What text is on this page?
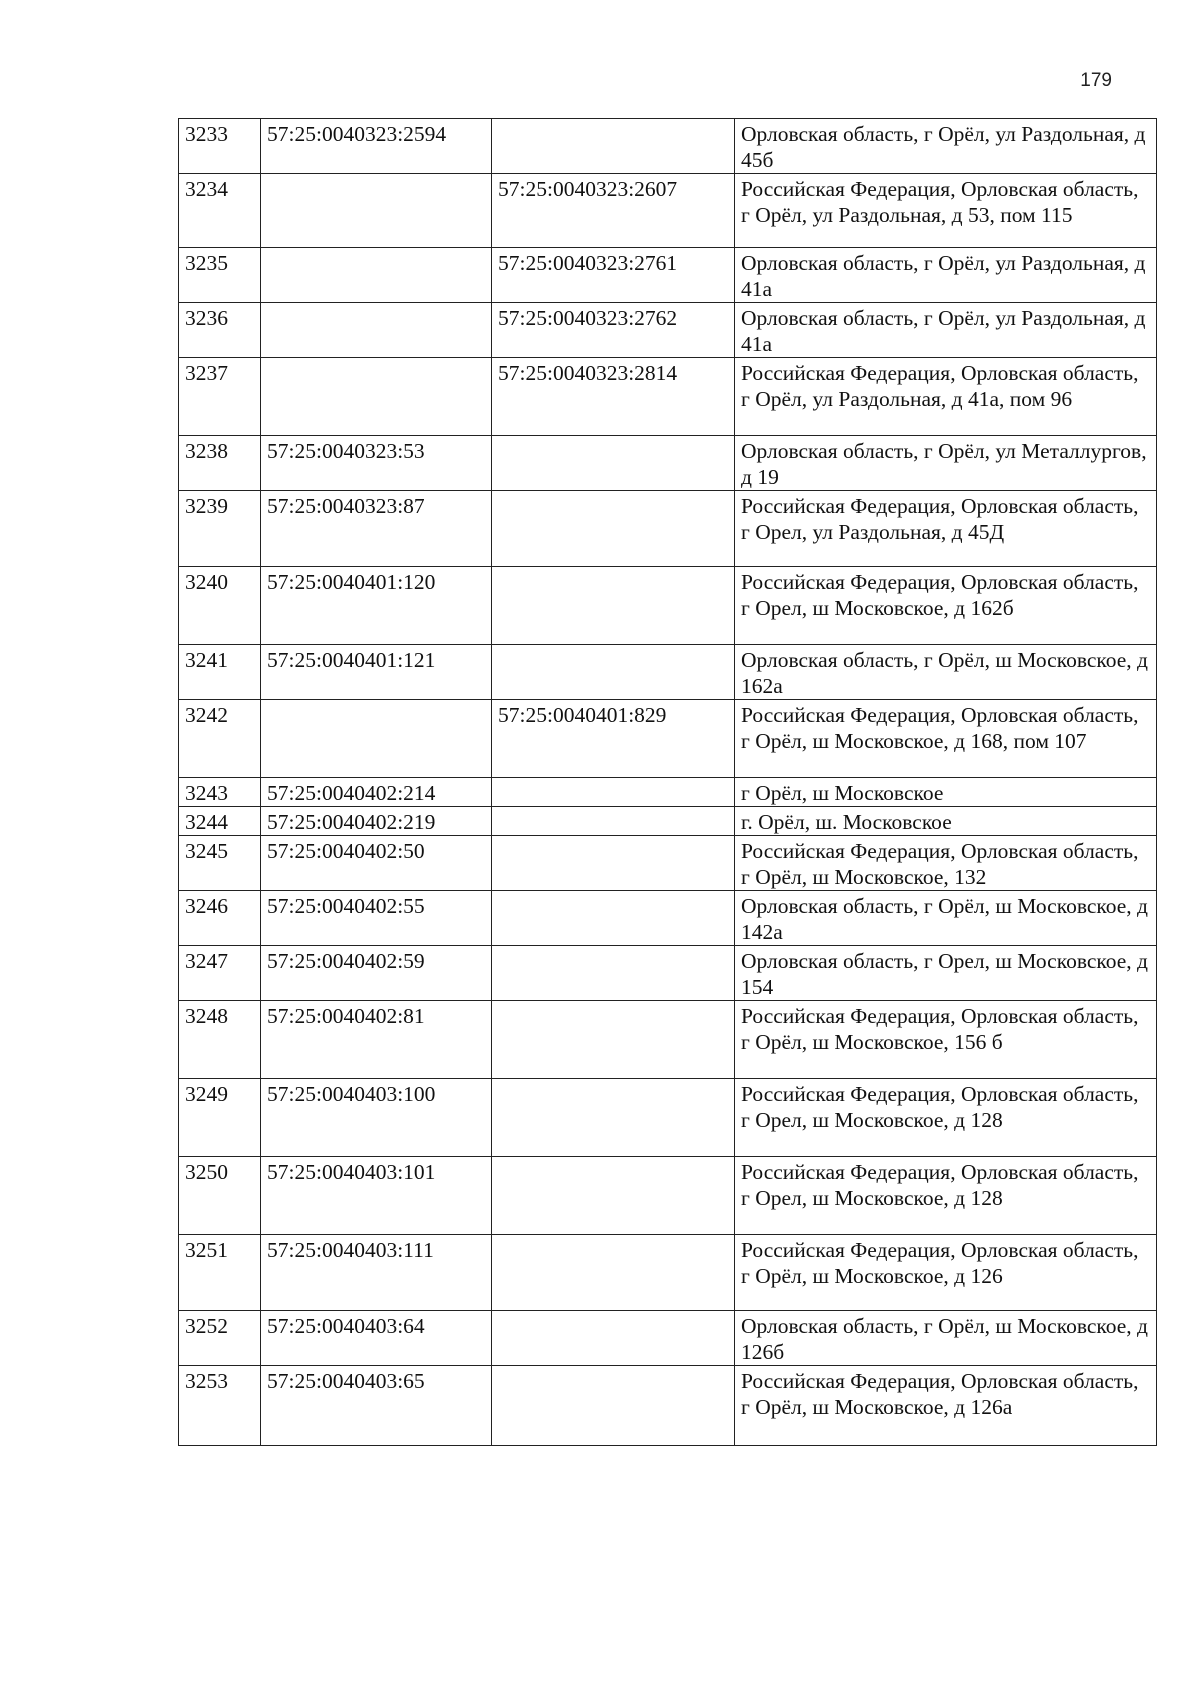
179
3233	57:25:0040323:2594		Орловская область, г Орёл, ул Раздольная, д 45б
3234		57:25:0040323:2607	Российская Федерация, Орловская область, г Орёл, ул Раздольная, д 53, пом 115
3235		57:25:0040323:2761	Орловская область, г Орёл, ул Раздольная, д 41а
3236		57:25:0040323:2762	Орловская область, г Орёл, ул Раздольная, д 41а
3237		57:25:0040323:2814	Российская Федерация, Орловская область, г Орёл, ул Раздольная, д 41а, пом 96
3238	57:25:0040323:53		Орловская область, г Орёл, ул Металлургов, д 19
3239	57:25:0040323:87		Российская Федерация, Орловская область, г Орел, ул Раздольная, д 45Д
3240	57:25:0040401:120		Российская Федерация, Орловская область, г Орел, ш Московское, д 162б
3241	57:25:0040401:121		Орловская область, г Орёл, ш Московское, д 162а
3242		57:25:0040401:829	Российская Федерация, Орловская область, г Орёл, ш Московское, д 168, пом 107
3243	57:25:0040402:214		г Орёл, ш Московское
3244	57:25:0040402:219		г. Орёл, ш. Московское
3245	57:25:0040402:50		Российская Федерация, Орловская область, г Орёл, ш Московское, 132
3246	57:25:0040402:55		Орловская область, г Орёл, ш Московское, д 142а
3247	57:25:0040402:59		Орловская область, г Орел, ш Московское, д 154
3248	57:25:0040402:81		Российская Федерация, Орловская область, г Орёл, ш Московское, 156 б
3249	57:25:0040403:100		Российская Федерация, Орловская область, г Орел, ш Московское, д 128
3250	57:25:0040403:101		Российская Федерация, Орловская область, г Орел, ш Московское, д 128
3251	57:25:0040403:111		Российская Федерация, Орловская область, г Орёл, ш Московское, д 126
3252	57:25:0040403:64		Орловская область, г Орёл, ш Московское, д 126б
3253	57:25:0040403:65		Российская Федерация, Орловская область, г Орёл, ш Московское, д 126а
